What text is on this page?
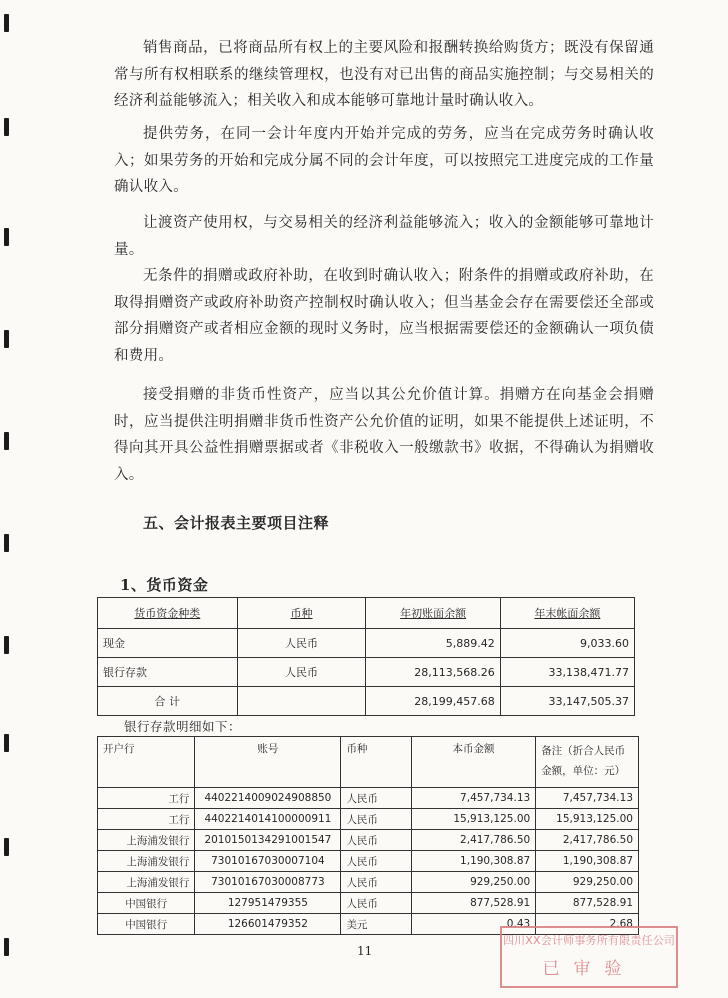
销售商品，已将商品所有权上的主要风险和报酬转换给购货方；既没有保留通常与所有权相联系的继续管理权，也没有对已出售的商品实施控制；与交易相关的经济利益能够流入；相关收入和成本能够可靠地计量时确认收入。

提供劳务，在同一会计年度内开始并完成的劳务，应当在完成劳务时确认收入；如果劳务的开始和完成分属不同的会计年度，可以按照完工进度完成的工作量确认收入。

让渡资产使用权，与交易相关的经济利益能够流入；收入的金额能够可靠地计量。

无条件的捐赠或政府补助，在收到时确认收入；附条件的捐赠或政府补助，在取得捐赠资产或政府补助资产控制权时确认收入；但当基金会存在需要偿还全部或部分捐赠资产或者相应金额的现时义务时，应当根据需要偿还的金额确认一项负债和费用。

接受捐赠的非货币性资产，应当以其公允价值计算。捐赠方在向基金会捐赠时，应当提供注明捐赠非货币性资产公允价值的证明，如果不能提供上述证明，不得向其开具公益性捐赠票据或者《非税收入一般缴款书》收据，不得确认为捐赠收入。

五、会计报表主要项目注释

1、货币资金

货币资金种类	币种	年初账面余额	年末帐面余额
现金	人民币	5,889.42	9,033.60
银行存款	人民币	28,113,568.26	33,138,471.77
合 计		28,199,457.68	33,147,505.37

银行存款明细如下：

开户行	账号	币种	本币金额	备注（折合人民币金额，单位：元）
工行	4402214009024908850	人民币	7,457,734.13	7,457,734.13
工行	4402214014100000911	人民币	15,913,125.00	15,913,125.00
上海浦发银行	2010150134291001547	人民币	2,417,786.50	2,417,786.50
上海浦发银行	73010167030007104	人民币	1,190,308.87	1,190,308.87
上海浦发银行	73010167030008773	人民币	929,250.00	929,250.00
中国银行	127951479355	人民币	877,528.91	877,528.91
中国银行	126601479352	美元	0.43	2.68

11

四川XX会计师事务所有限责任公司
已审验
